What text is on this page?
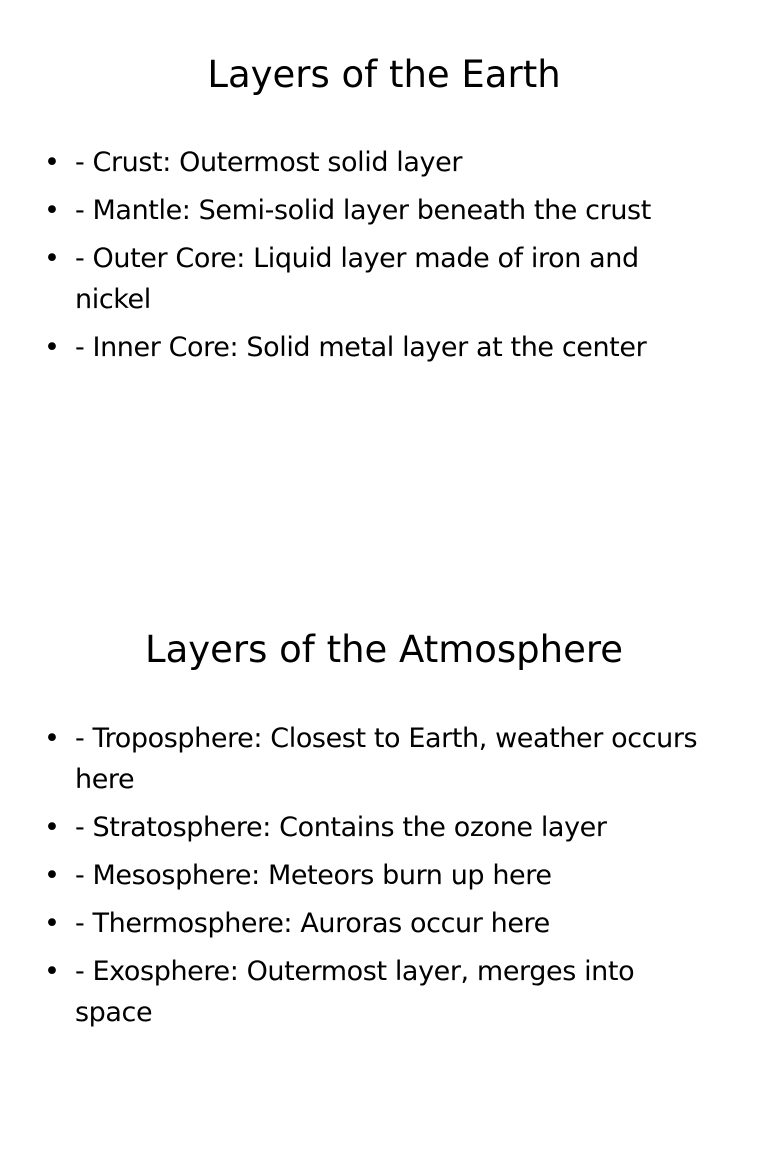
Layers of the Earth
• - Crust: Outermost solid layer
• - Mantle: Semi-solid layer beneath the crust
• - Outer Core: Liquid layer made of iron and nickel
• - Inner Core: Solid metal layer at the center
Layers of the Atmosphere
• - Troposphere: Closest to Earth, weather occurs here
• - Stratosphere: Contains the ozone layer
• - Mesosphere: Meteors burn up here
• - Thermosphere: Auroras occur here
• - Exosphere: Outermost layer, merges into space
